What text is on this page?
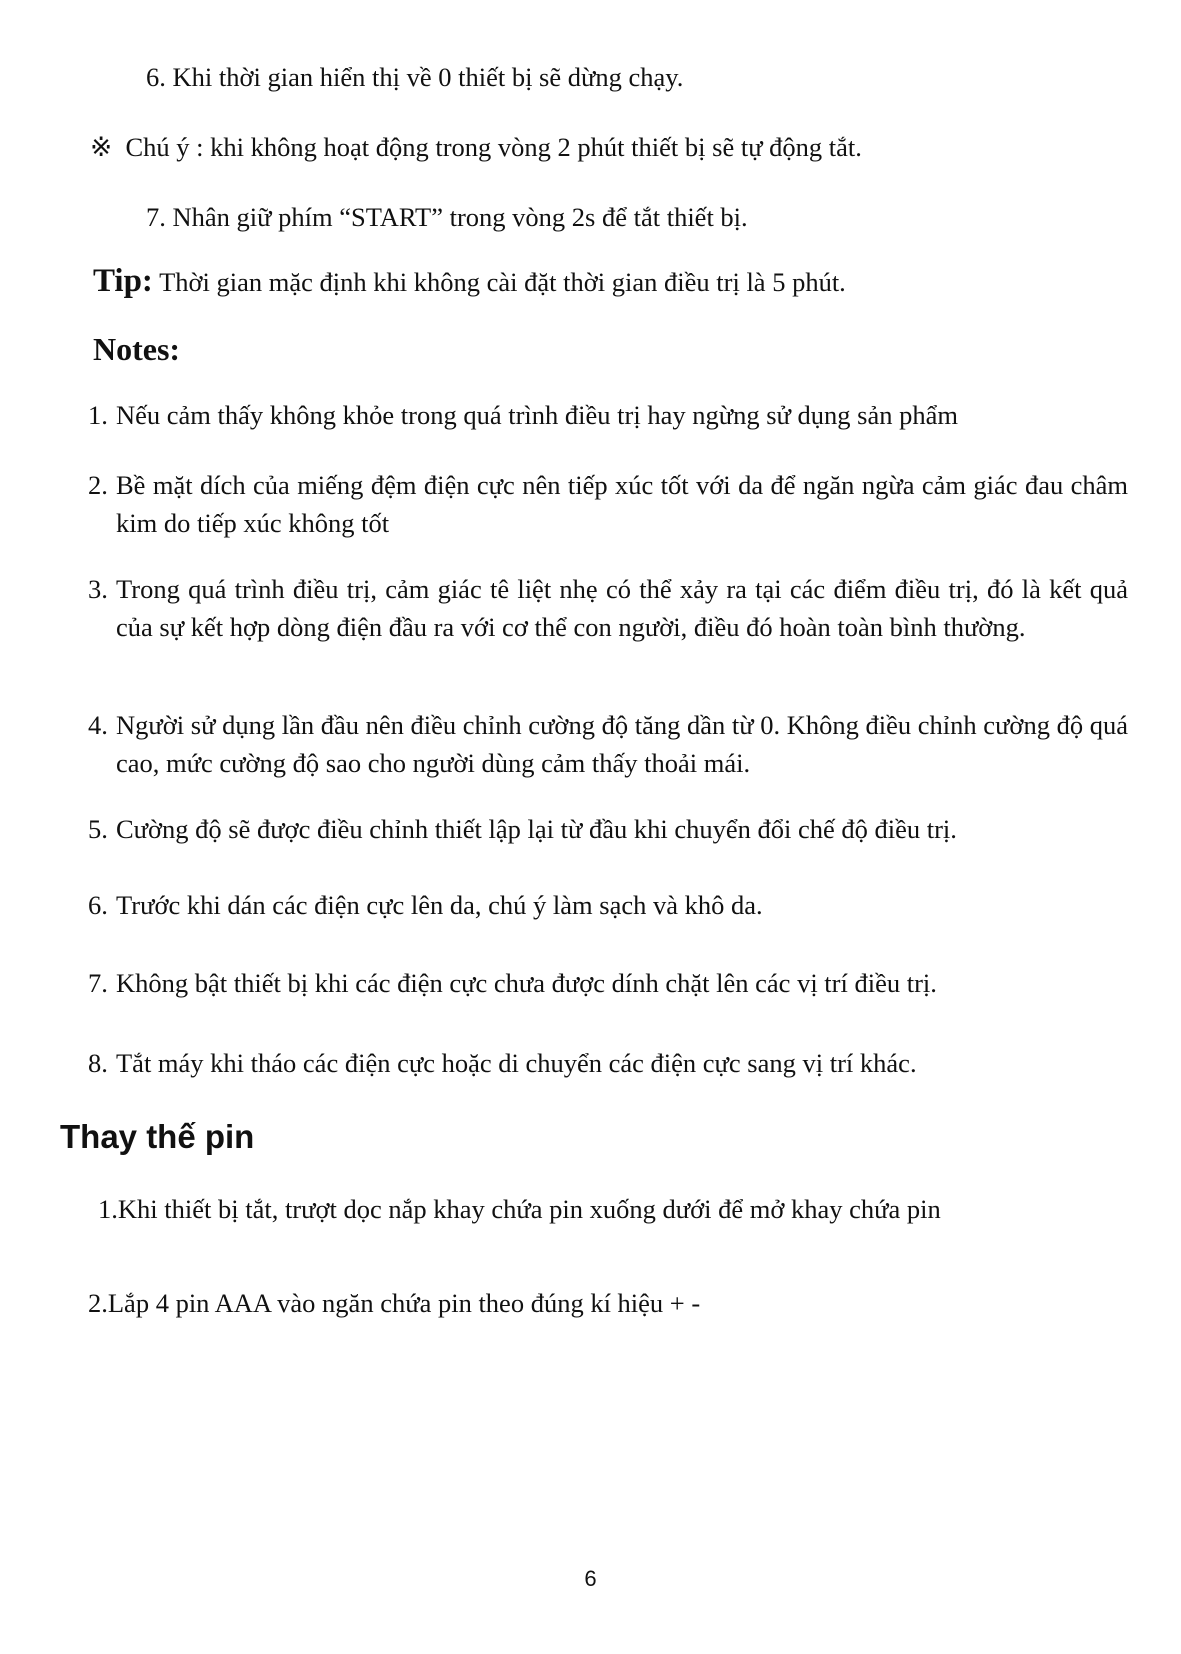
6. Khi thời gian hiển thị về 0 thiết bị sẽ dừng chạy.
※ Chú ý : khi không hoạt động trong vòng 2 phút thiết bị sẽ tự động tắt.
7. Nhân giữ phím “START” trong vòng 2s để tắt thiết bị.
Tip: Thời gian mặc định khi không cài đặt thời gian điều trị là 5 phút.
Notes:
1. Nếu cảm thấy không khỏe trong quá trình điều trị hay ngừng sử dụng sản phẩm
2. Bề mặt dích của miếng đệm điện cực nên tiếp xúc tốt với da để ngăn ngừa cảm giác đau châm kim do tiếp xúc không tốt
3. Trong quá trình điều trị, cảm giác tê liệt nhẹ có thể xảy ra tại các điểm điều trị, đó là kết quả của sự kết hợp dòng điện đầu ra với cơ thể con người, điều đó hoàn toàn bình thường.
4. Người sử dụng lần đầu nên điều chỉnh cường độ tăng dần từ 0. Không điều chỉnh cường độ quá cao, mức cường độ sao cho người dùng cảm thấy thoải mái.
5. Cường độ sẽ được điều chỉnh thiết lập lại từ đầu khi chuyển đổi chế độ điều trị.
6. Trước khi dán các điện cực lên da, chú ý làm sạch và khô da.
7. Không bật thiết bị khi các điện cực chưa được dính chặt lên các vị trí điều trị.
8. Tắt máy khi tháo các điện cực hoặc di chuyển các điện cực sang vị trí khác.
Thay thế pin
1.Khi thiết bị tắt, trượt dọc nắp khay chứa pin xuống dưới để mở khay chứa pin
2.Lắp 4 pin AAA vào ngăn chứa pin theo đúng kí hiệu + -
6
